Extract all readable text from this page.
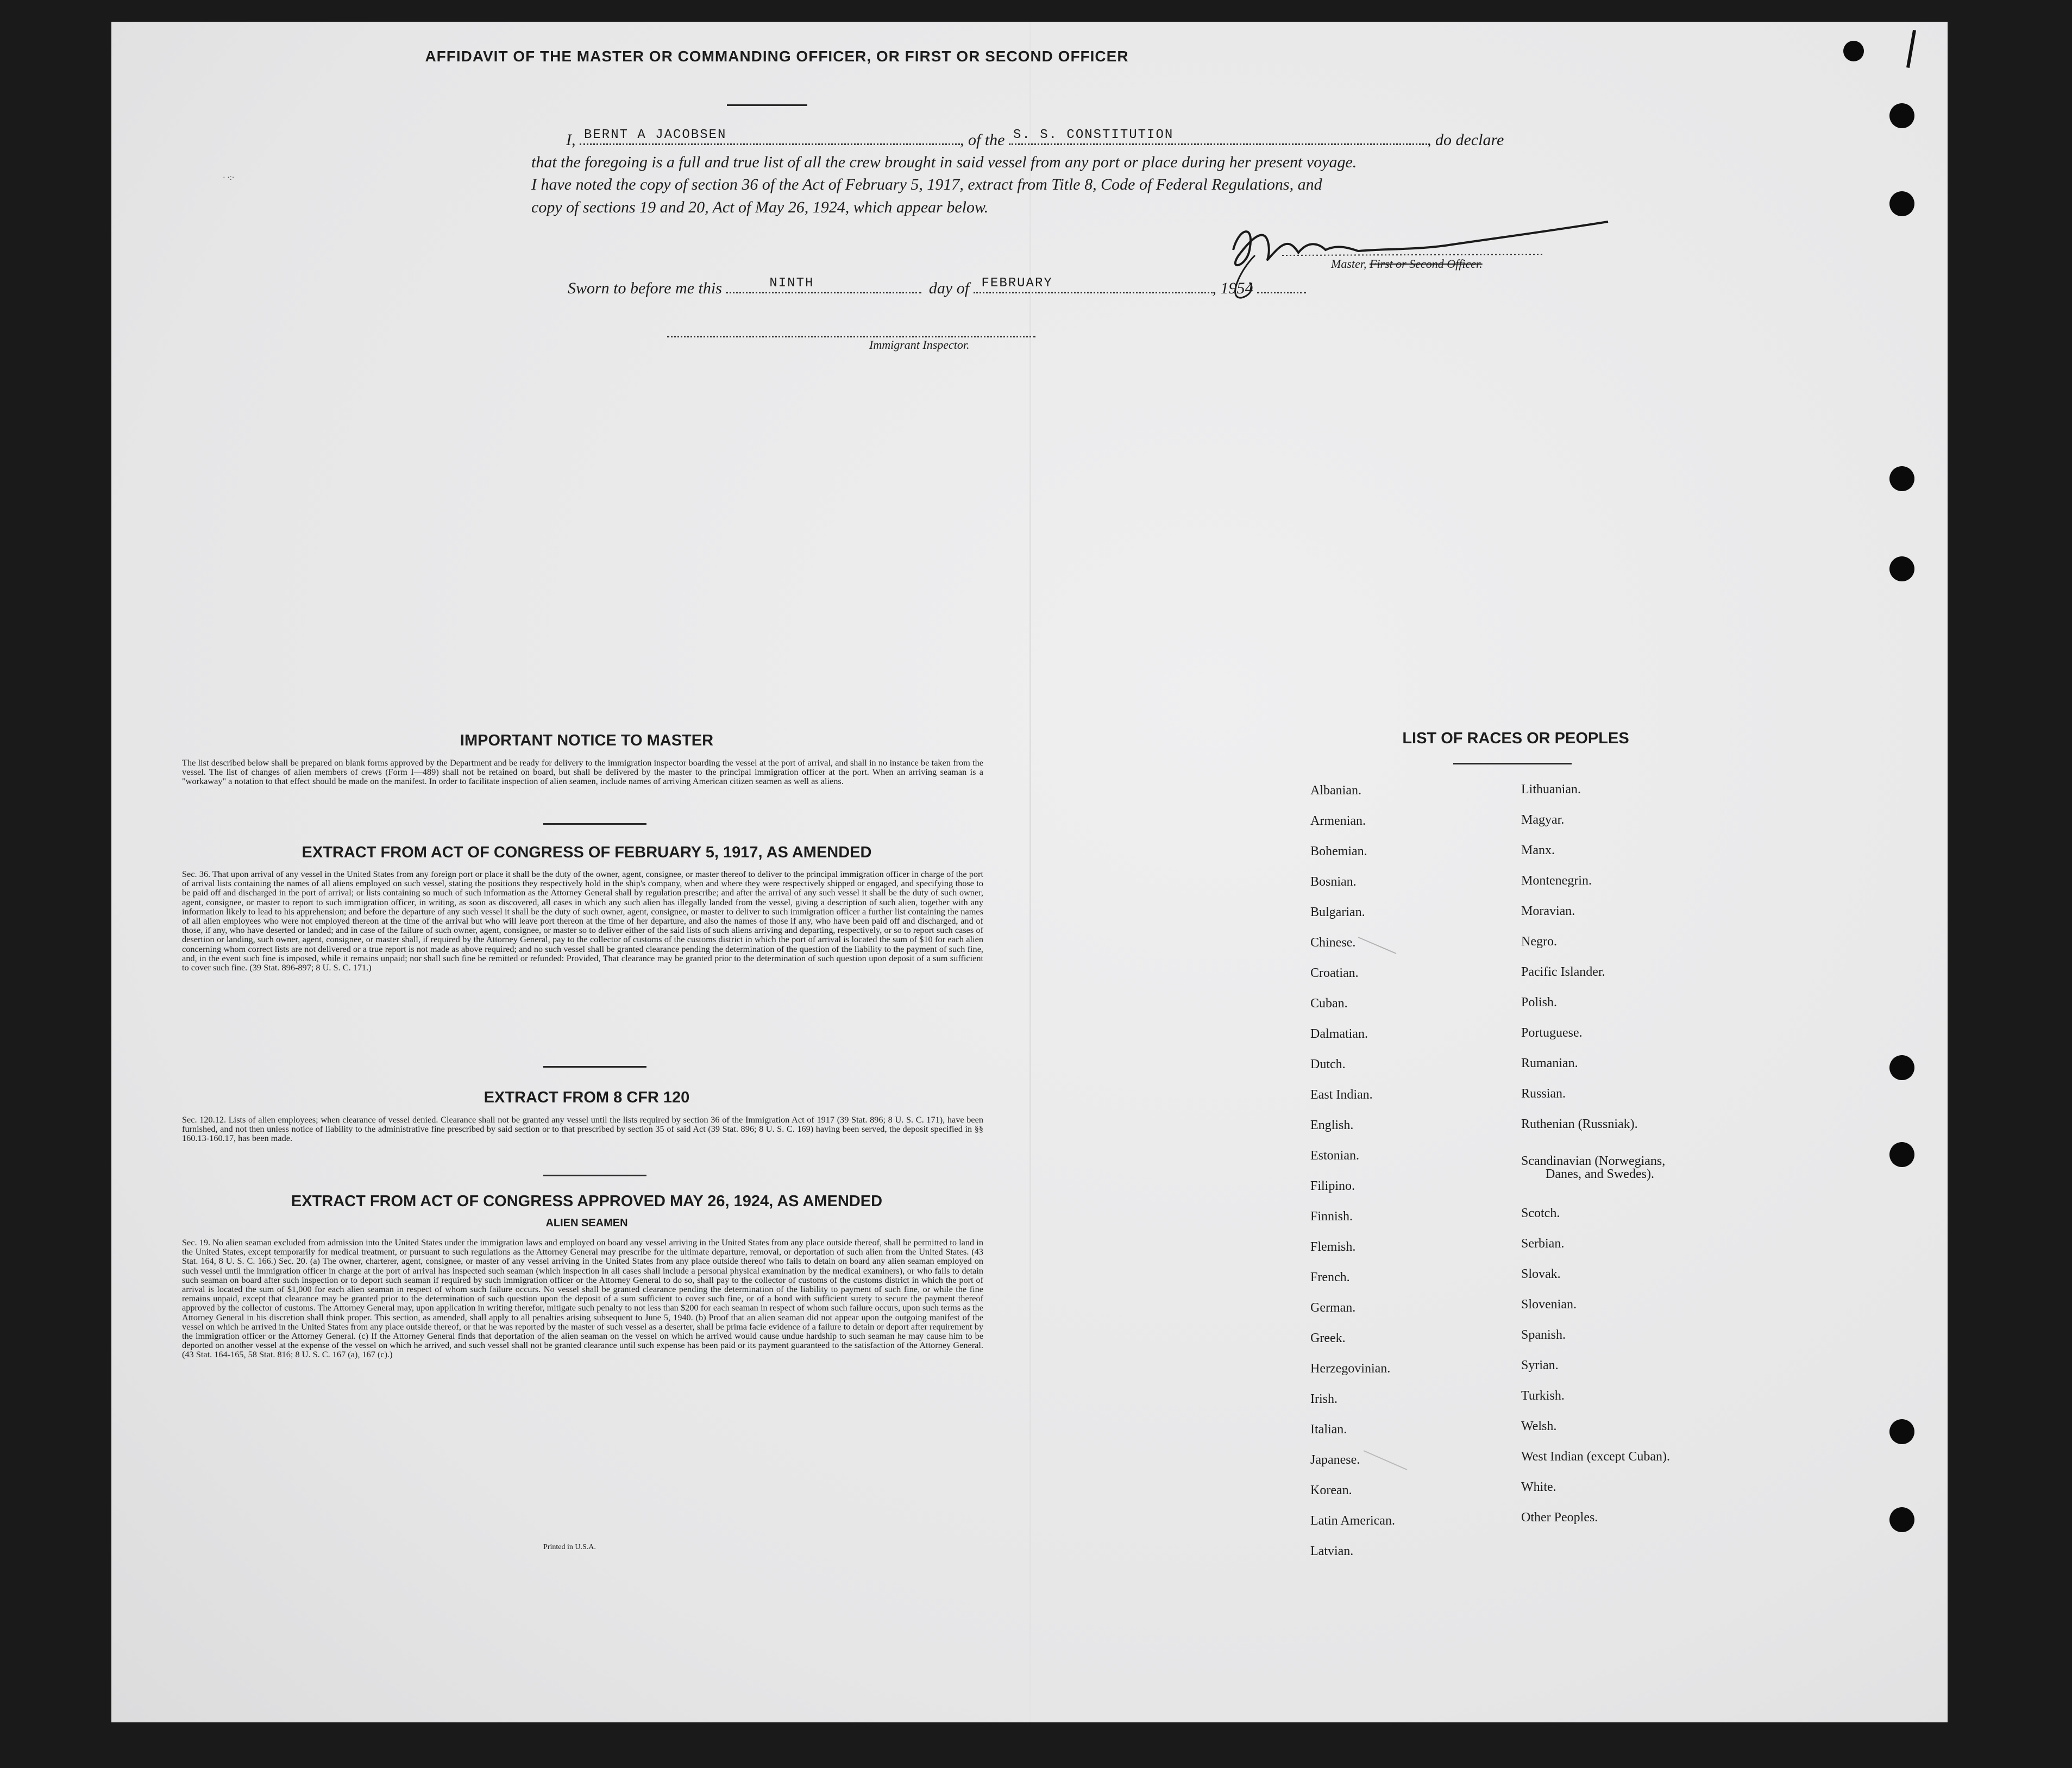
AFFIDAVIT OF THE MASTER OR COMMANDING OFFICER, OR FIRST OR SECOND OFFICER
I, BERNT A JACOBSEN	, of the S. S. CONSTITUTION	, do declare
that the foregoing is a full and true list of all the crew brought in said vessel from any port or place during her present voyage.
I have noted the copy of section 36 of the Act of February 5, 1917, extract from Title 8, Code of Federal Regulations, and
copy of sections 19 and 20, Act of May 26, 1924, which appear below.
Master, First or Second Officer.
Sworn to before me this	NINTH	day of FEBRUARY	, 1954
Immigrant Inspector.
· ·:·
IMPORTANT NOTICE TO MASTER
The list described below shall be prepared on blank forms approved by the Department and be ready for delivery to the immigration inspector boarding the vessel at the port of arrival, and shall in no instance be taken from the vessel. The list of changes of alien members of crews (Form I—489) shall not be retained on board, but shall be delivered by the master to the principal immigration officer at the port. When an arriving seaman is a "workaway" a notation to that effect should be made on the manifest. In order to facilitate inspection of alien seamen, include names of arriving American citizen seamen as well as aliens.
EXTRACT FROM ACT OF CONGRESS OF FEBRUARY 5, 1917, AS AMENDED
Sec. 36. That upon arrival of any vessel in the United States from any foreign port or place it shall be the duty of the owner, agent, consignee, or master thereof to deliver to the principal immigration officer in charge of the port of arrival lists containing the names of all aliens employed on such vessel, stating the positions they respectively hold in the ship's company, when and where they were respectively shipped or engaged, and specifying those to be paid off and discharged in the port of arrival; or lists containing so much of such information as the Attorney General shall by regulation prescribe; and after the arrival of any such vessel it shall be the duty of such owner, agent, consignee, or master to report to such immigration officer, in writing, as soon as discovered, all cases in which any such alien has illegally landed from the vessel, giving a description of such alien, together with any information likely to lead to his apprehension; and before the departure of any such vessel it shall be the duty of such owner, agent, consignee, or master to deliver to such immigration officer a further list containing the names of all alien employees who were not employed thereon at the time of the arrival but who will leave port thereon at the time of her departure, and also the names of those if any, who have been paid off and discharged, and of those, if any, who have deserted or landed; and in case of the failure of such owner, agent, consignee, or master so to deliver either of the said lists of such aliens arriving and departing, respectively, or so to report such cases of desertion or landing, such owner, agent, consignee, or master shall, if required by the Attorney General, pay to the collector of customs of the customs district in which the port of arrival is located the sum of $10 for each alien concerning whom correct lists are not delivered or a true report is not made as above required; and no such vessel shall be granted clearance pending the determination of the question of the liability to the payment of such fine, and, in the event such fine is imposed, while it remains unpaid; nor shall such fine be remitted or refunded: Provided, That clearance may be granted prior to the determination of such question upon deposit of a sum sufficient to cover such fine. (39 Stat. 896-897; 8 U. S. C. 171.)
EXTRACT FROM 8 CFR 120
Sec. 120.12. Lists of alien employees; when clearance of vessel denied. Clearance shall not be granted any vessel until the lists required by section 36 of the Immigration Act of 1917 (39 Stat. 896; 8 U. S. C. 171), have been furnished, and not then unless notice of liability to the administrative fine prescribed by said section or to that prescribed by section 35 of said Act (39 Stat. 896; 8 U. S. C. 169) having been served, the deposit specified in §§ 160.13-160.17, has been made.
EXTRACT FROM ACT OF CONGRESS APPROVED MAY 26, 1924, AS AMENDED
ALIEN SEAMEN
Sec. 19. No alien seaman excluded from admission into the United States under the immigration laws and employed on board any vessel arriving in the United States from any place outside thereof, shall be permitted to land in the United States, except temporarily for medical treatment, or pursuant to such regulations as the Attorney General may prescribe for the ultimate departure, removal, or deportation of such alien from the United States. (43 Stat. 164, 8 U. S. C. 166.) Sec. 20. (a) The owner, charterer, agent, consignee, or master of any vessel arriving in the United States from any place outside thereof who fails to detain on board any alien seaman employed on such vessel until the immigration officer in charge at the port of arrival has inspected such seaman (which inspection in all cases shall include a personal physical examination by the medical examiners), or who fails to detain such seaman on board after such inspection or to deport such seaman if required by such immigration officer or the Attorney General to do so, shall pay to the collector of customs of the customs district in which the port of arrival is located the sum of $1,000 for each alien seaman in respect of whom such failure occurs. No vessel shall be granted clearance pending the determination of the liability to payment of such fine, or while the fine remains unpaid, except that clearance may be granted prior to the determination of such question upon the deposit of a sum sufficient to cover such fine, or of a bond with sufficient surety to secure the payment thereof approved by the collector of customs. The Attorney General may, upon application in writing therefor, mitigate such penalty to not less than $200 for each seaman in respect of whom such failure occurs, upon such terms as the Attorney General in his discretion shall think proper. This section, as amended, shall apply to all penalties arising subsequent to June 5, 1940. (b) Proof that an alien seaman did not appear upon the outgoing manifest of the vessel on which he arrived in the United States from any place outside thereof, or that he was reported by the master of such vessel as a deserter, shall be prima facie evidence of a failure to detain or deport after requirement by the immigration officer or the Attorney General. (c) If the Attorney General finds that deportation of the alien seaman on the vessel on which he arrived would cause undue hardship to such seaman he may cause him to be deported on another vessel at the expense of the vessel on which he arrived, and such vessel shall not be granted clearance until such expense has been paid or its payment guaranteed to the satisfaction of the Attorney General. (43 Stat. 164-165, 58 Stat. 816; 8 U. S. C. 167 (a), 167 (c).)
Printed in U.S.A.
LIST OF RACES OR PEOPLES
Albanian.
Armenian.
Bohemian.
Bosnian.
Bulgarian.
Chinese.
Croatian.
Cuban.
Dalmatian.
Dutch.
East Indian.
English.
Estonian.
Filipino.
Finnish.
Flemish.
French.
German.
Greek.
Herzegovinian.
Irish.
Italian.
Japanese.
Korean.
Latin American.
Latvian.
Lithuanian.
Magyar.
Manx.
Montenegrin.
Moravian.
Negro.
Pacific Islander.
Polish.
Portuguese.
Rumanian.
Russian.
Ruthenian (Russniak).
Scandinavian (Norwegians,
Danes, and Swedes).
Scotch.
Serbian.
Slovak.
Slovenian.
Spanish.
Syrian.
Turkish.
Welsh.
West Indian (except Cuban).
White.
Other Peoples.
